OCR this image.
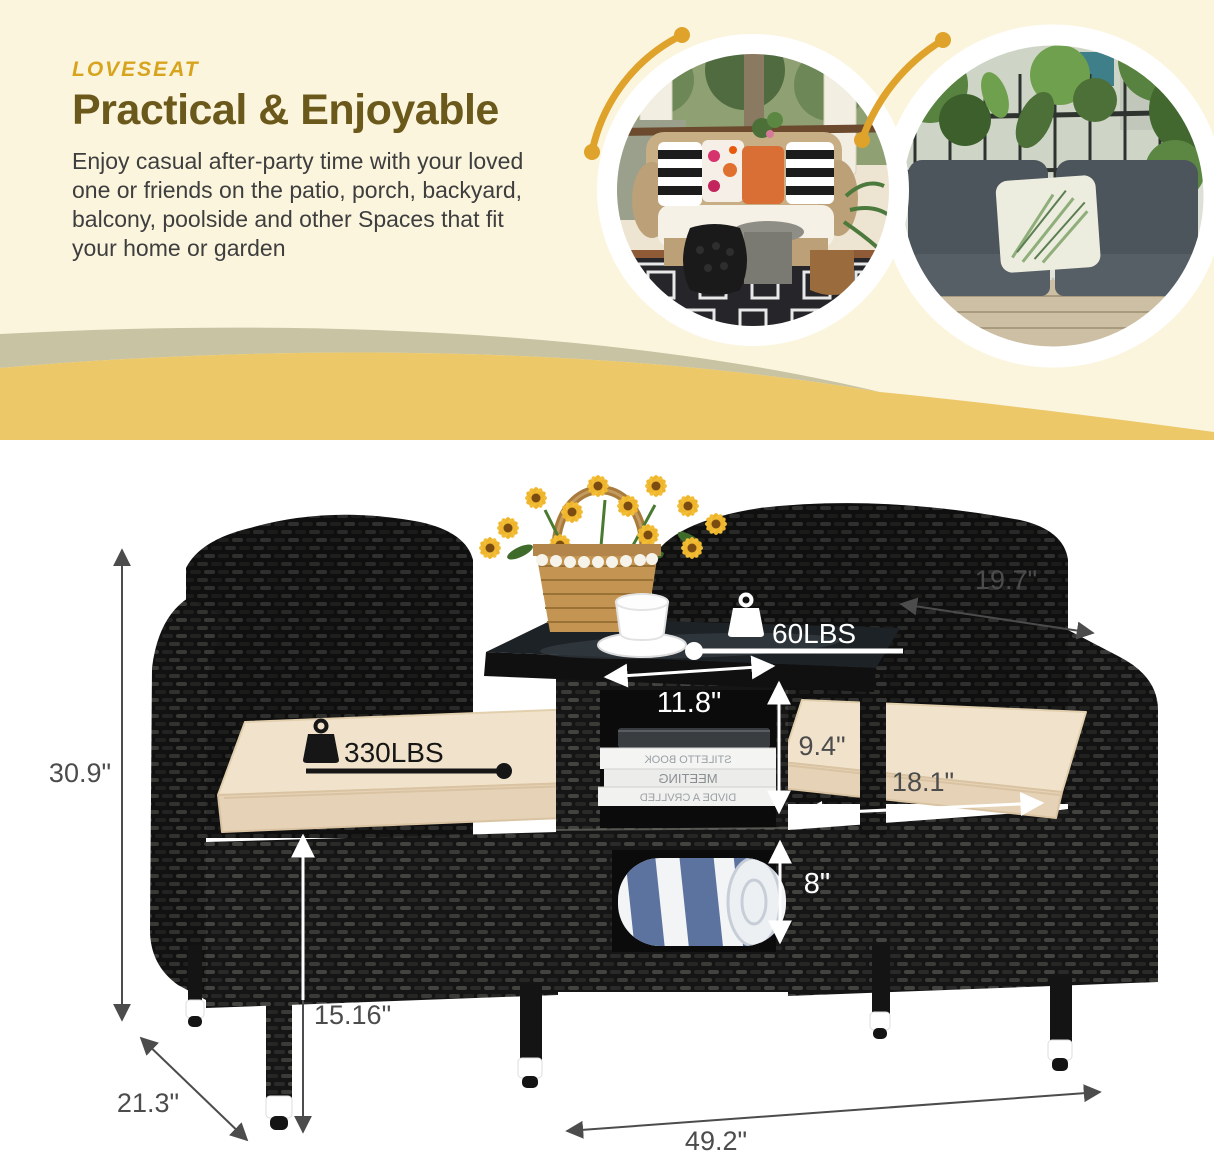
STILETTO BOOK
MEETING
DIVDE A CRVLLED
30.9"
19.7"
21.3"
49.2"
15.16"
11.8"
9.4"
18.1"
8"
330LBS
60LBS
LOVESEAT
Practical & Enjoyable
Enjoy casual after-party time with your loved
one or friends on the patio, porch, backyard,
balcony, poolside and other Spaces that fit
your home or garden
